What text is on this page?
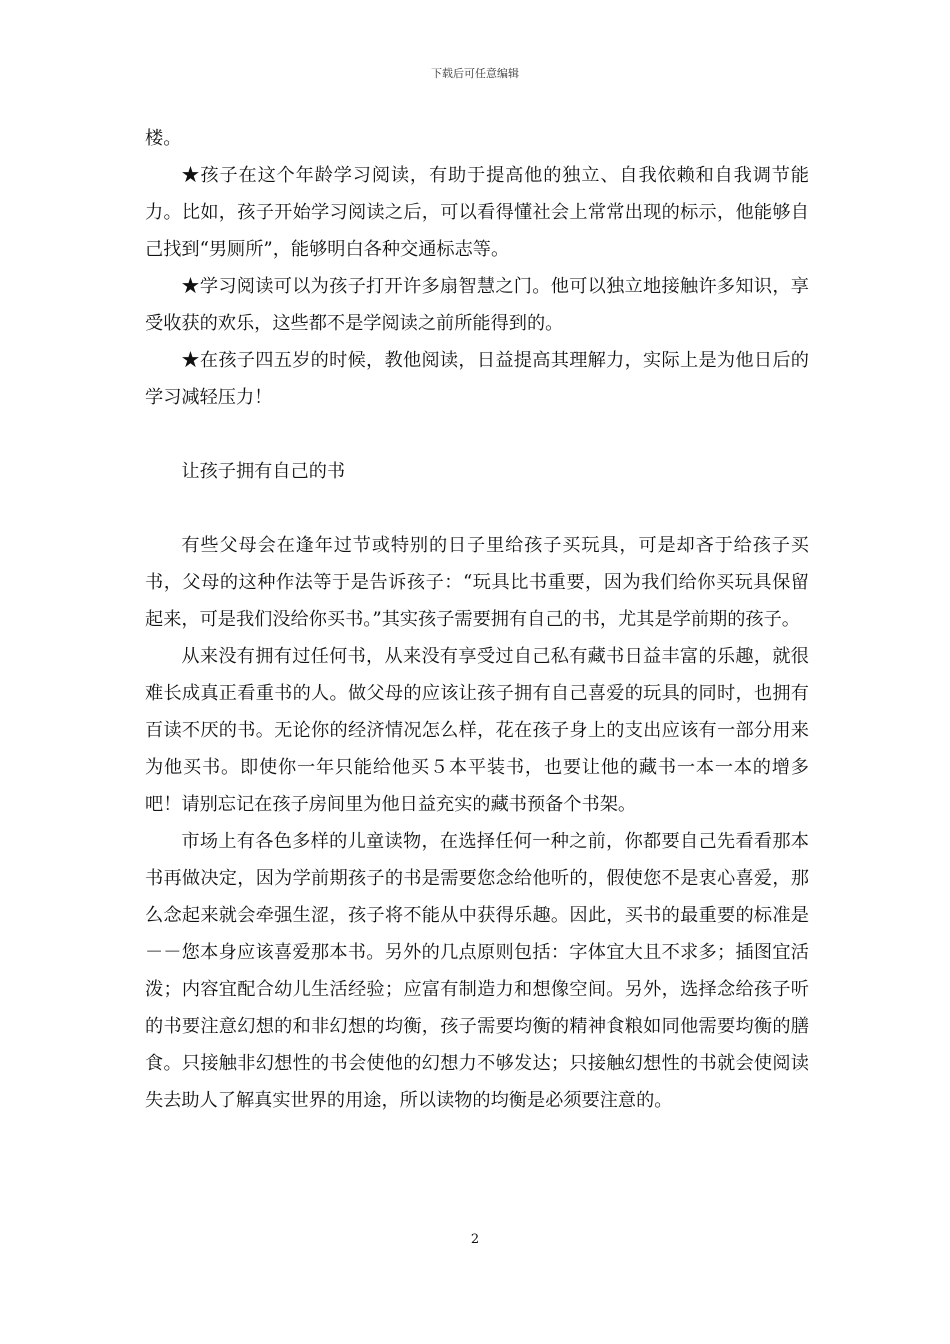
下载后可任意编辑

楼。

★孩子在这个年龄学习阅读，有助于提高他的独立、自我依赖和自我调节能力。比如，孩子开始学习阅读之后，可以看得懂社会上常常出现的标示，他能够自己找到“男厕所”，能够明白各种交通标志等。

★学习阅读可以为孩子打开许多扇智慧之门。他可以独立地接触许多知识，享受收获的欢乐，这些都不是学阅读之前所能得到的。

★在孩子四五岁的时候，教他阅读，日益提高其理解力，实际上是为他日后的学习减轻压力！

让孩子拥有自己的书

有些父母会在逢年过节或特别的日子里给孩子买玩具，可是却吝于给孩子买书，父母的这种作法等于是告诉孩子：“玩具比书重要，因为我们给你买玩具保留起来，可是我们没给你买书。”其实孩子需要拥有自己的书，尤其是学前期的孩子。

从来没有拥有过任何书，从来没有享受过自己私有藏书日益丰富的乐趣，就很难长成真正看重书的人。做父母的应该让孩子拥有自己喜爱的玩具的同时，也拥有百读不厌的书。无论你的经济情况怎么样，花在孩子身上的支出应该有一部分用来为他买书。即使你一年只能给他买５本平装书，也要让他的藏书一本一本的增多吧！请别忘记在孩子房间里为他日益充实的藏书预备个书架。

市场上有各色多样的儿童读物，在选择任何一种之前，你都要自己先看看那本书再做决定，因为学前期孩子的书是需要您念给他听的，假使您不是衷心喜爱，那么念起来就会牵强生涩，孩子将不能从中获得乐趣。因此，买书的最重要的标准是－－您本身应该喜爱那本书。另外的几点原则包括：字体宜大且不求多；插图宜活泼；内容宜配合幼儿生活经验；应富有制造力和想像空间。另外，选择念给孩子听的书要注意幻想的和非幻想的均衡，孩子需要均衡的精神食粮如同他需要均衡的膳食。只接触非幻想性的书会使他的幻想力不够发达；只接触幻想性的书就会使阅读失去助人了解真实世界的用途，所以读物的均衡是必须要注意的。

2
